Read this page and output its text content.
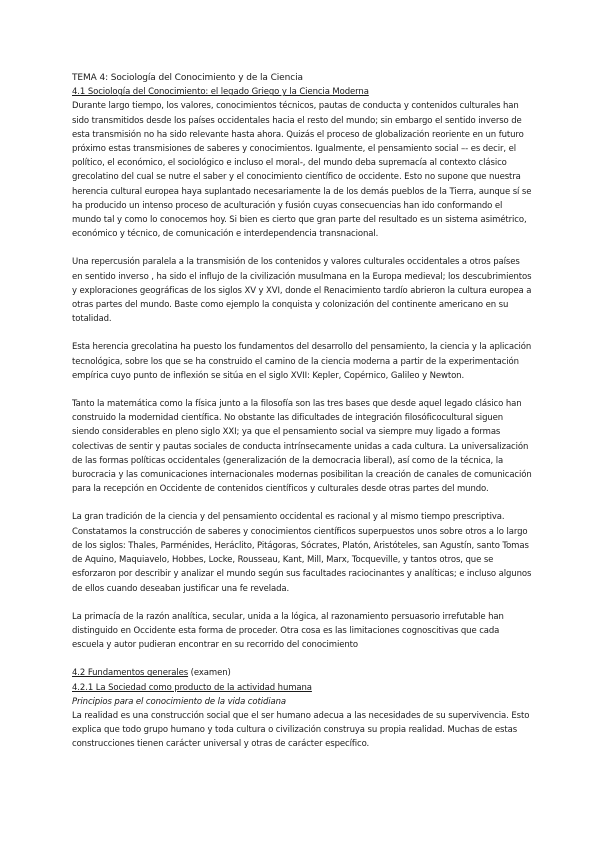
TEMA 4: Sociología del Conocimiento y de la Ciencia

4.1 Sociología del Conocimiento: el legado Griego y la Ciencia Moderna

Durante largo tiempo, los valores, conocimientos técnicos, pautas de conducta y contenidos culturales han sido transmitidos desde los países occidentales hacia el resto del mundo; sin embargo el sentido inverso de esta transmisión no ha sido relevante hasta ahora. Quizás el proceso de globalización reoriente en un futuro próximo estas transmisiones de saberes y conocimientos. Igualmente, el pensamiento social –- es decir, el político, el económico, el sociológico e incluso el moral-, del mundo deba supremacía al contexto clásico grecolatino del cual se nutre el saber y el conocimiento científico de occidente. Esto no supone que nuestra herencia cultural europea haya suplantado necesariamente la de los demás pueblos de la Tierra, aunque sí se ha producido un intenso proceso de aculturación y fusión cuyas consecuencias han ido conformando el mundo tal y como lo conocemos hoy. Si bien es cierto que gran parte del resultado es un sistema asimétrico, económico y técnico, de comunicación e interdependencia transnacional.

Una repercusión paralela a la transmisión de los contenidos y valores culturales occidentales a otros países en sentido inverso , ha sido el influjo de la civilización musulmana en la Europa medieval; los descubrimientos y exploraciones geográficas de los siglos XV y XVI, donde el Renacimiento tardío abrieron la cultura europea a otras partes del mundo. Baste como ejemplo la conquista y colonización del continente americano en su totalidad.

Esta herencia grecolatina ha puesto los fundamentos del desarrollo del pensamiento, la ciencia y la aplicación tecnológica, sobre los que se ha construido el camino de la ciencia moderna a partir de la experimentación empírica cuyo punto de inflexión se sitúa en el siglo XVII: Kepler, Copérnico, Galileo y Newton.

Tanto la matemática como la física junto a la filosofía son las tres bases que desde aquel legado clásico han construido la modernidad científica. No obstante las dificultades de integración filosóficocultural siguen siendo considerables en pleno siglo XXI; ya que el pensamiento social va siempre muy ligado a formas colectivas de sentir y pautas sociales de conducta intrínsecamente unidas a cada cultura. La universalización de las formas políticas occidentales (generalización de la democracia liberal), así como de la técnica, la burocracia y las comunicaciones internacionales modernas posibilitan la creación de canales de comunicación para la recepción en Occidente de contenidos científicos y culturales desde otras partes del mundo.

La gran tradición de la ciencia y del pensamiento occidental es racional y al mismo tiempo prescriptiva. Constatamos la construcción de saberes y conocimientos científicos superpuestos unos sobre otros a lo largo de los siglos: Thales, Parménides, Heráclito, Pitágoras, Sócrates, Platón, Aristóteles, san Agustín, santo Tomas de Aquino, Maquiavelo, Hobbes, Locke, Rousseau, Kant, Mill, Marx, Tocqueville, y tantos otros, que se esforzaron por describir y analizar el mundo según sus facultades raciocinantes y analíticas; e incluso algunos de ellos cuando deseaban justificar una fe revelada.

La primacía de la razón analítica, secular, unida a la lógica, al razonamiento persuasorio irrefutable han distinguido en Occidente esta forma de proceder. Otra cosa es las limitaciones cognoscitivas que cada escuela y autor pudieran encontrar en su recorrido del conocimiento

4.2 Fundamentos generales (examen)

4.2.1 La Sociedad como producto de la actividad humana

Principios para el conocimiento de la vida cotidiana

La realidad es una construcción social que el ser humano adecua a las necesidades de su supervivencia. Esto explica que todo grupo humano y toda cultura o civilización construya su propia realidad. Muchas de estas construcciones tienen carácter universal y otras de carácter específico.
